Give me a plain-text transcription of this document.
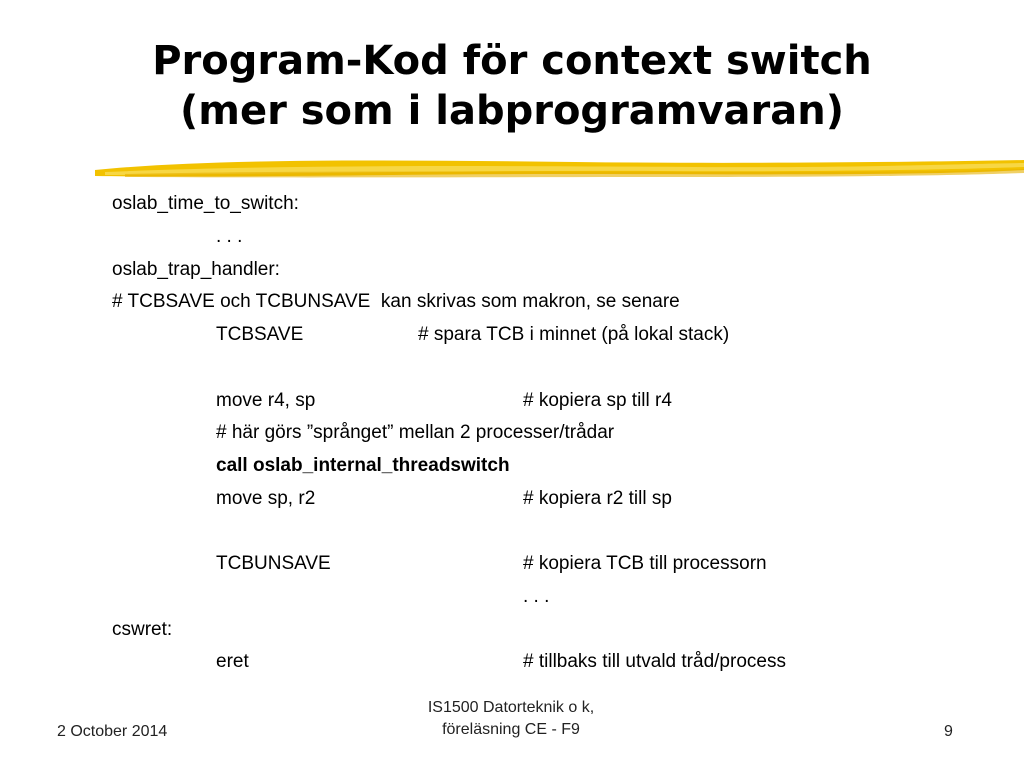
Program-Kod för context switch
(mer som i labprogramvaran)
oslab_time_to_switch:
. . .
oslab_trap_handler:
# TCBSAVE och TCBUNSAVE  kan skrivas som makron, se senare
TCBSAVE	# spara TCB i minnet (på lokal stack)
move r4, sp	# kopiera sp till r4
# här görs ”språnget” mellan 2 processer/trådar
call oslab_internal_threadswitch
move sp, r2	# kopiera r2 till sp
TCBUNSAVE	# kopiera TCB till processorn
. . .
cswret:
eret	# tillbaks till utvald tråd/process
2 October 2014
IS1500 Datorteknik o k,
föreläsning CE - F9	9
